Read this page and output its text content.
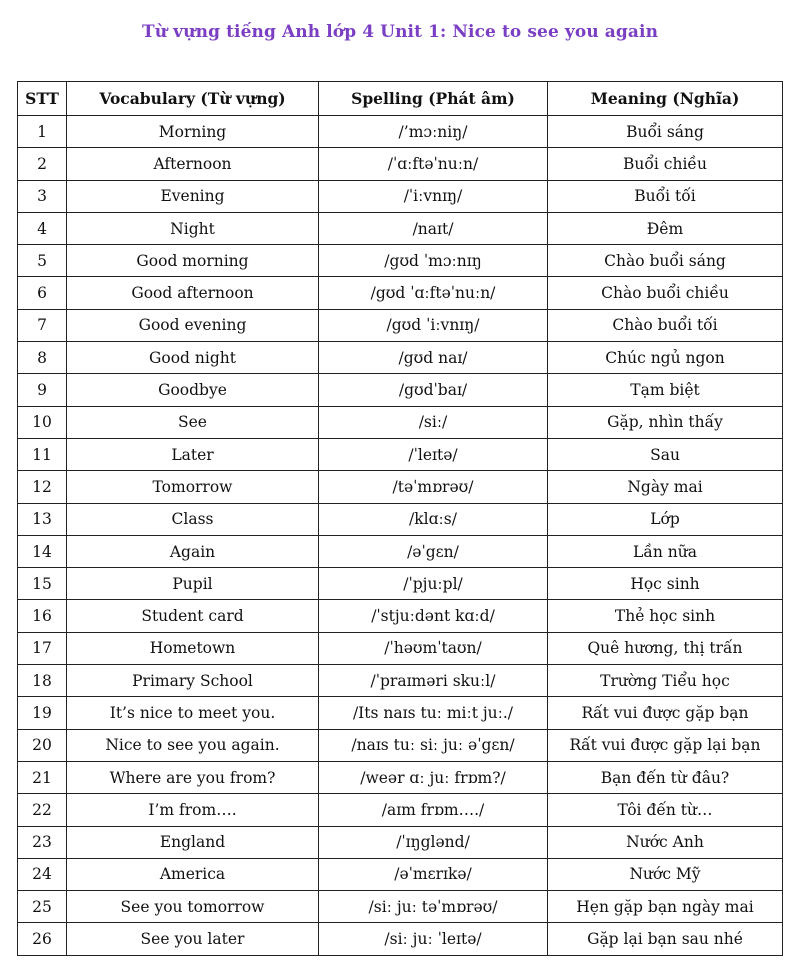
Từ vựng tiếng Anh lớp 4 Unit 1: Nice to see you again
STT	Vocabulary (Từ vựng)	Spelling (Phát âm)	Meaning (Nghĩa)
1	Morning	/’mɔːniŋ/	Buổi sáng
2	Afternoon	/ˈɑːftəˈnuːn/	Buổi chiều
3	Evening	/ˈiːvnɪŋ/	Buổi tối
4	Night	/naɪt/	Đêm
5	Good morning	/gʊd ˈmɔːnɪŋ	Chào buổi sáng
6	Good afternoon	/gʊd ˈɑːftəˈnuːn/	Chào buổi chiều
7	Good evening	/gʊd ˈiːvnɪŋ/	Chào buổi tối
8	Good night	/gʊd naɪ/	Chúc ngủ ngon
9	Goodbye	/gʊdˈbaɪ/	Tạm biệt
10	See	/siː/	Gặp, nhìn thấy
11	Later	/ˈleɪtə/	Sau
12	Tomorrow	/təˈmɒrəʊ/	Ngày mai
13	Class	/klɑːs/	Lớp
14	Again	/əˈgɛn/	Lần nữa
15	Pupil	/ˈpjuːpl/	Học sinh
16	Student card	/ˈstjuːdənt kɑːd/	Thẻ học sinh
17	Hometown	/ˈhəʊmˈtaʊn/	Quê hương, thị trấn
18	Primary School	/ˈpraɪməri skuːl/	Trường Tiểu học
19	It’s nice to meet you.	/Its naɪs tuː miːt juː./	Rất vui được gặp bạn
20	Nice to see you again.	/naɪs tuː siː juː əˈgɛn/	Rất vui được gặp lại bạn
21	Where are you from?	/weər ɑː juː frɒm?/	Bạn đến từ đâu?
22	I’m from….	/aɪm frɒm…./	Tôi đến từ…
23	England	/ˈɪŋglənd/	Nước Anh
24	America	/əˈmɛrɪkə/	Nước Mỹ
25	See you tomorrow	/siː juː təˈmɒrəʊ/	Hẹn gặp bạn ngày mai
26	See you later	/siː juː ˈleɪtə/	Gặp lại bạn sau nhé
